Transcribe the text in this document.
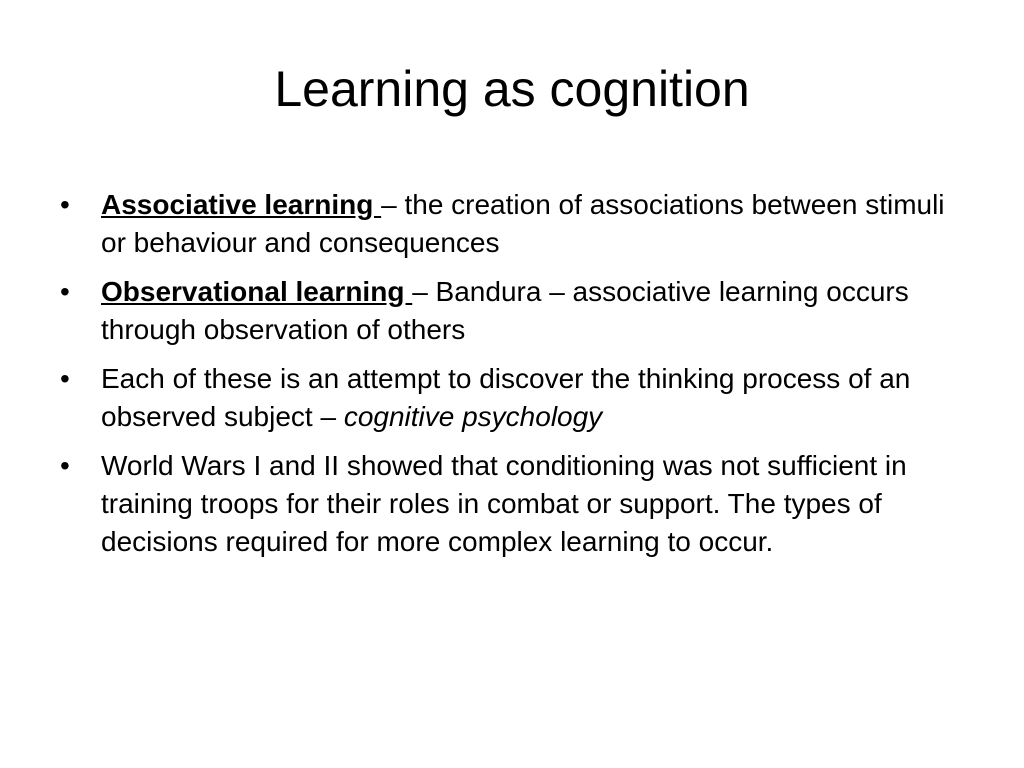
Learning as cognition
•	Associative learning – the creation of associations between stimuli or behaviour and consequences
•	Observational learning – Bandura – associative learning occurs through observation of others
•	Each of these is an attempt to discover the thinking process of an observed subject – cognitive psychology
•	World Wars I and II showed that conditioning was not sufficient in training troops for their roles in combat or support. The types of decisions required for more complex learning to occur.
